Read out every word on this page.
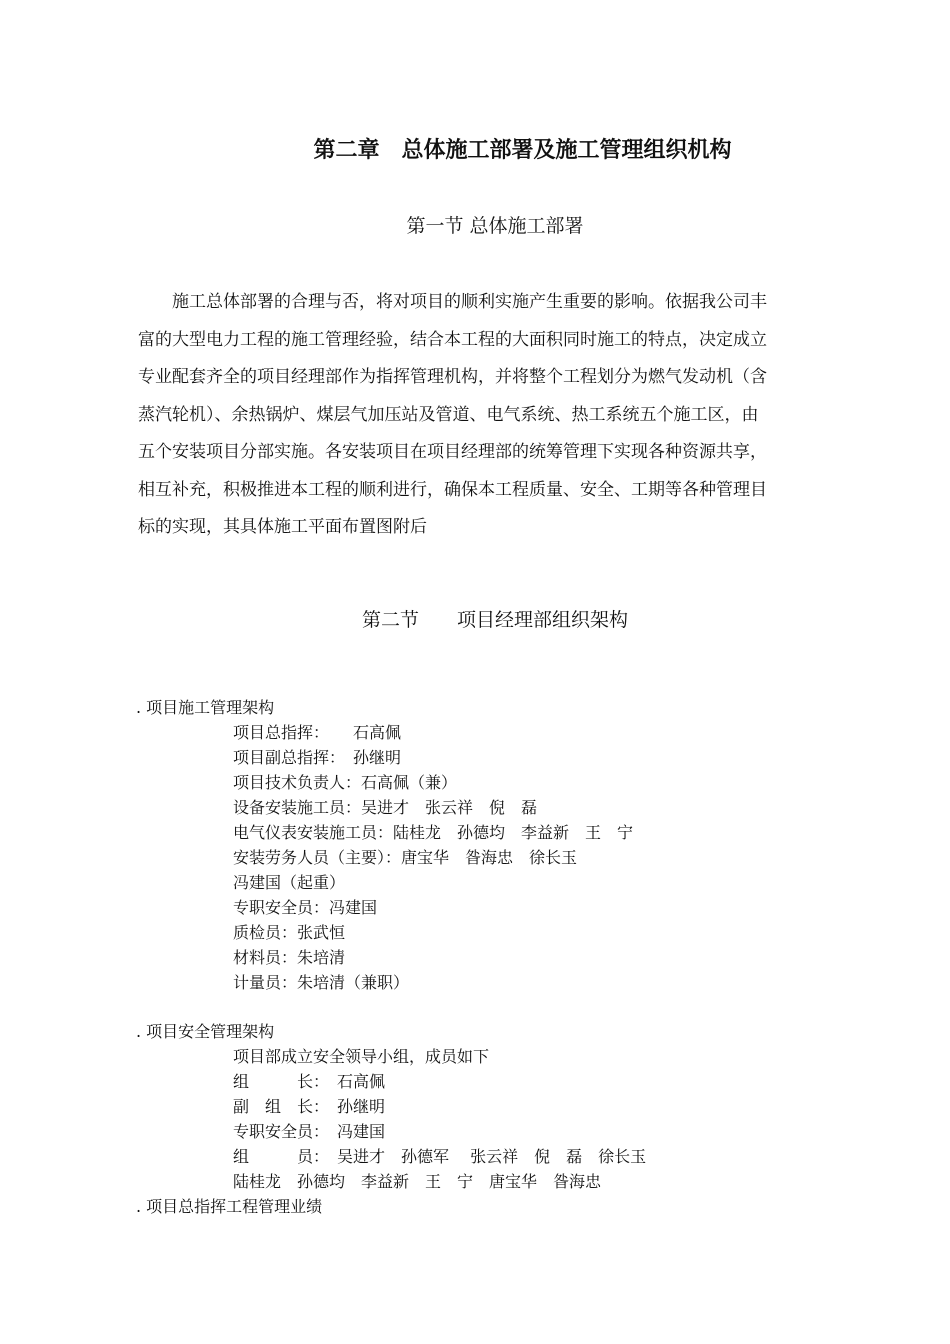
第二章　总体施工部署及施工管理组织机构
第一节 总体施工部署
　　施工总体部署的合理与否，将对项目的顺利实施产生重要的影响。依据我公司丰
富的大型电力工程的施工管理经验，结合本工程的大面积同时施工的特点，决定成立
专业配套齐全的项目经理部作为指挥管理机构，并将整个工程划分为燃气发动机（含
蒸汽轮机）、余热锅炉、煤层气加压站及管道、电气系统、热工系统五个施工区，由
五个安装项目分部实施。各安装项目在项目经理部的统筹管理下实现各种资源共享，
相互补充，积极推进本工程的顺利进行，确保本工程质量、安全、工期等各种管理目
标的实现，其具体施工平面布置图附后
第二节　　项目经理部组织架构
. 项目施工管理架构
项目总指挥：　　石高佩
项目副总指挥：　孙继明
项目技术负责人：石高佩（兼）
设备安装施工员：吴进才　张云祥　倪　磊
电气仪表安装施工员：陆桂龙　孙德均　李益新　王　宁
安装劳务人员（主要）：唐宝华　昝海忠　徐长玉
冯建国（起重）
专职安全员：冯建国
质检员：张武恒
材料员：朱培清
计量员：朱培清（兼职）
. 项目安全管理架构
项目部成立安全领导小组，成员如下
组　　　长：　石高佩
副　组　长：　孙继明
专职安全员：　冯建国
组　　　员：　吴进才　孙德军　 张云祥　倪　磊　徐长玉
陆桂龙　孙德均　李益新　王　宁　唐宝华　昝海忠
. 项目总指挥工程管理业绩
